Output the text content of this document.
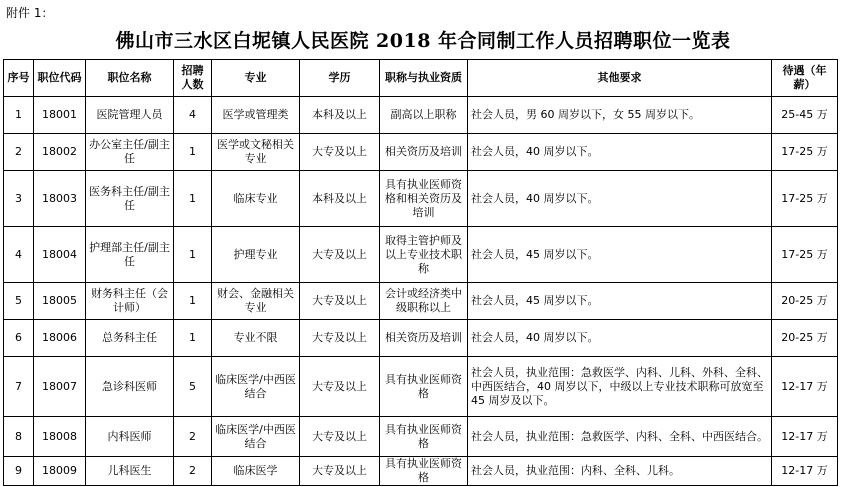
附件 1：
佛山市三水区白坭镇人民医院 2018 年合同制工作人员招聘职位一览表
序号	职位代码	职位名称	招聘人数	专业	学历	职称与执业资质	其他要求	待遇（年薪）
1	18001	医院管理人员	4	医学或管理类	本科及以上	副高以上职称	社会人员，男 60 周岁以下，女 55 周岁以下。	25-45 万
2	18002	办公室主任/副主任	1	医学或文秘相关专业	大专及以上	相关资历及培训	社会人员，40 周岁以下。	17-25 万
3	18003	医务科主任/副主任	1	临床专业	本科及以上	具有执业医师资格和相关资历及培训	社会人员，40 周岁以下。	17-25 万
4	18004	护理部主任/副主任	1	护理专业	大专及以上	取得主管护师及以上专业技术职称	社会人员，45 周岁以下。	17-25 万
5	18005	财务科主任（会计师）	1	财会、金融相关专业	大专及以上	会计或经济类中级职称以上	社会人员，45 周岁以下。	20-25 万
6	18006	总务科主任	1	专业不限	大专及以上	相关资历及培训	社会人员，40 周岁以下。	20-25 万
7	18007	急诊科医师	5	临床医学/中西医结合	大专及以上	具有执业医师资格	社会人员，执业范围：急救医学、内科、儿科、外科、全科、中西医结合，40 周岁以下，中级以上专业技术职称可放宽至 45 周岁及以下。	12-17 万
8	18008	内科医师	2	临床医学/中西医结合	大专及以上	具有执业医师资格	社会人员，执业范围：急救医学、内科、全科、中西医结合。	12-17 万
9	18009	儿科医生	2	临床医学	大专及以上	具有执业医师资格	社会人员，执业范围：内科、全科、儿科。	12-17 万
